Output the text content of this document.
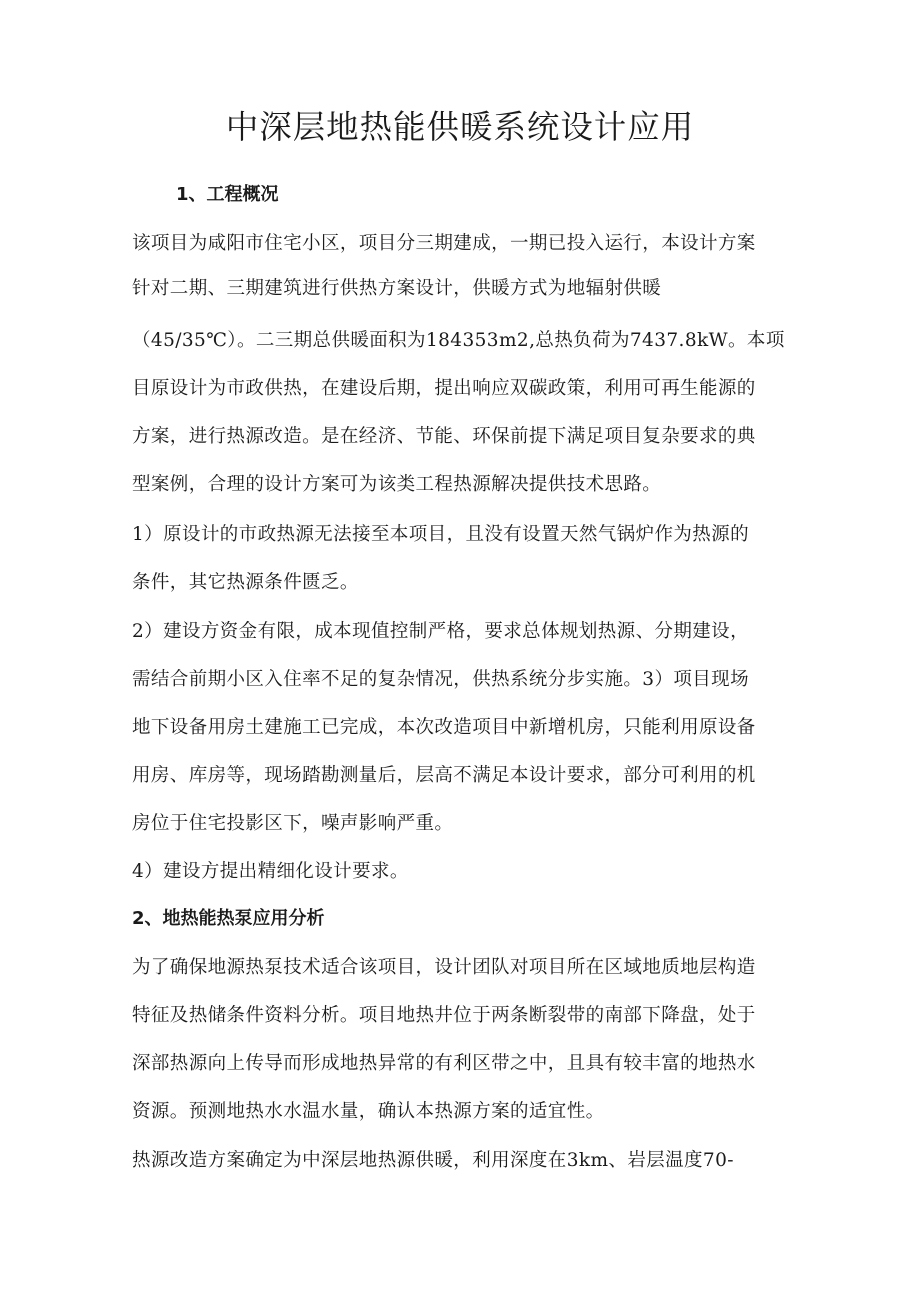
中深层地热能供暖系统设计应用
1、工程概况

该项目为咸阳市住宅小区，项目分三期建成，一期已投入运行，本设计方案

针对二期、三期建筑进行供热方案设计，供暖方式为地辐射供暖

（45/35℃）。二三期总供暖面积为184353m2,总热负荷为7437.8kW。本项

目原设计为市政供热，在建设后期，提出响应双碳政策，利用可再生能源的

方案，进行热源改造。是在经济、节能、环保前提下满足项目复杂要求的典

型案例，合理的设计方案可为该类工程热源解决提供技术思路。

1）原设计的市政热源无法接至本项目，且没有设置天然气锅炉作为热源的

条件，其它热源条件匮乏。

2）建设方资金有限，成本现值控制严格，要求总体规划热源、分期建设，

需结合前期小区入住率不足的复杂情况，供热系统分步实施。3）项目现场

地下设备用房土建施工已完成，本次改造项目中新增机房，只能利用原设备

用房、库房等，现场踏勘测量后，层高不满足本设计要求，部分可利用的机

房位于住宅投影区下，噪声影响严重。

4）建设方提出精细化设计要求。

2、地热能热泵应用分析

为了确保地源热泵技术适合该项目，设计团队对项目所在区域地质地层构造

特征及热储条件资料分析。项目地热井位于两条断裂带的南部下降盘，处于

深部热源向上传导而形成地热异常的有利区带之中，且具有较丰富的地热水

资源。预测地热水水温水量，确认本热源方案的适宜性。

热源改造方案确定为中深层地热源供暖，利用深度在3km、岩层温度70-
